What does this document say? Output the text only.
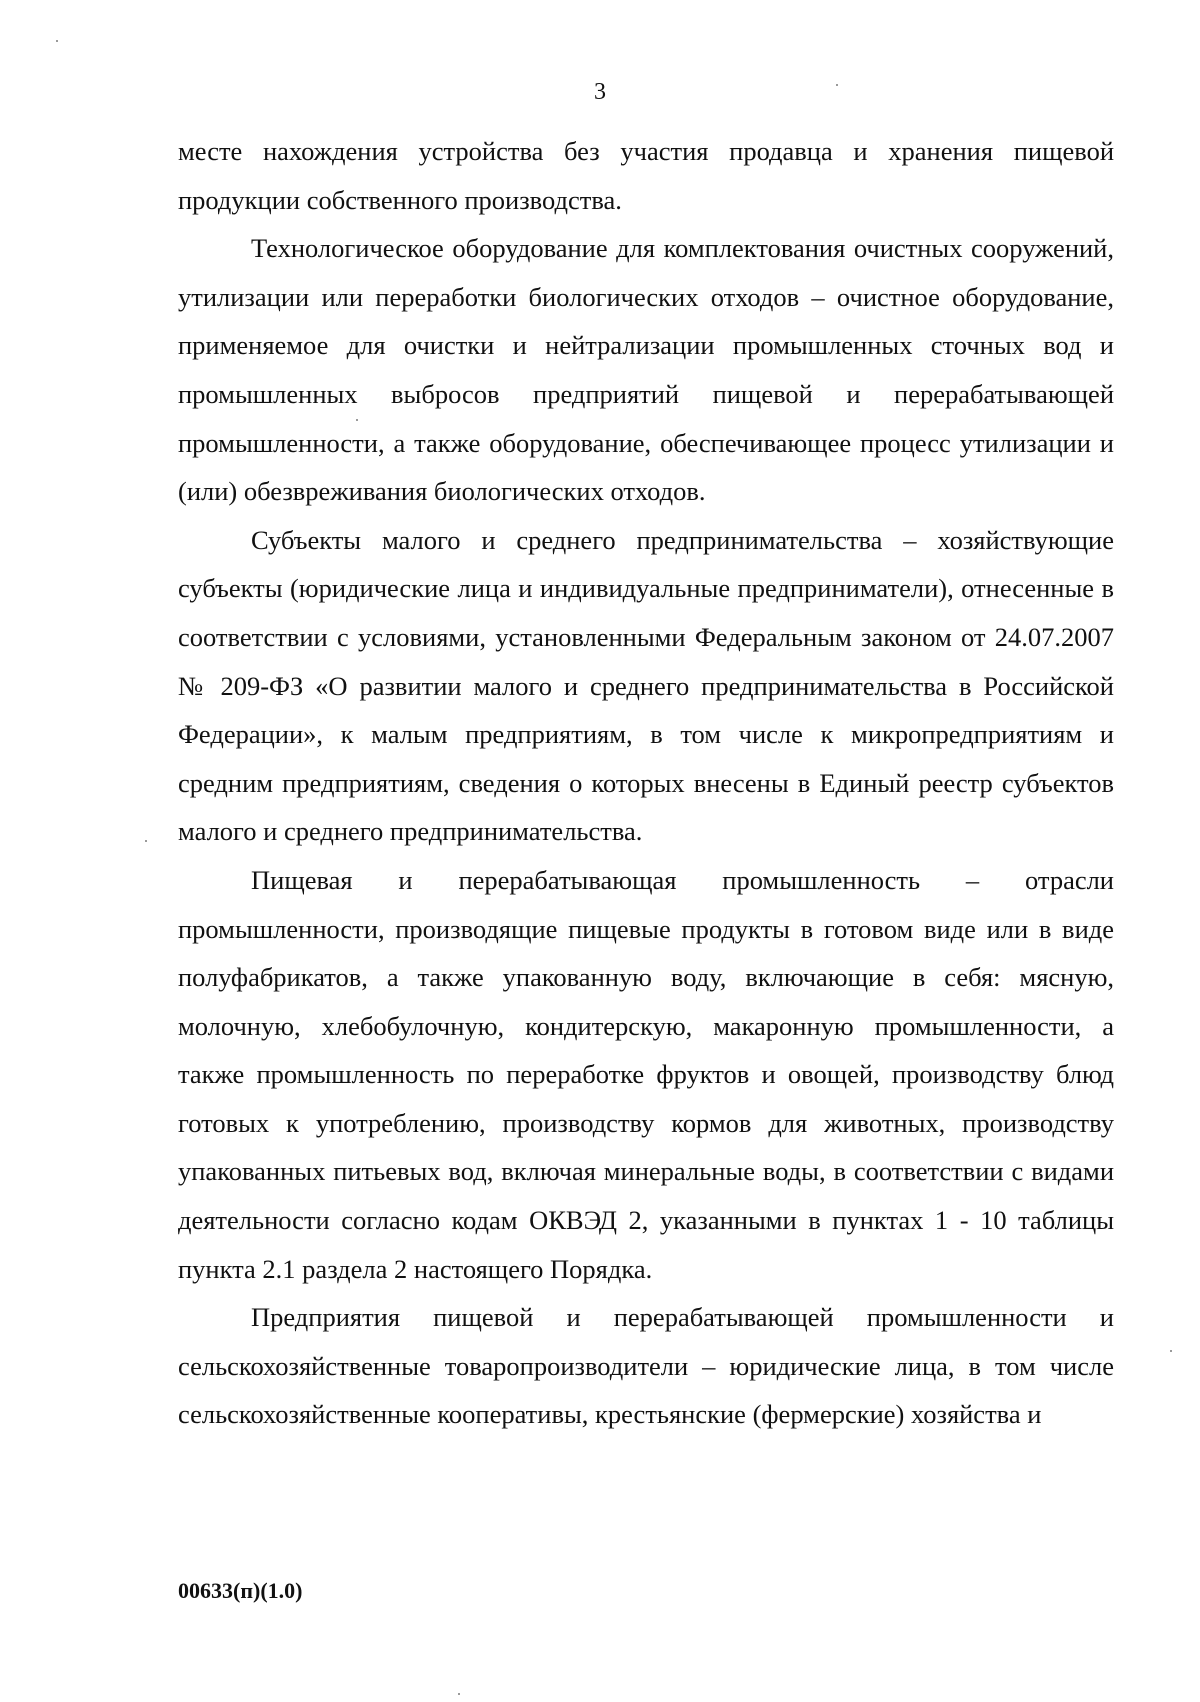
3

месте нахождения устройства без участия продавца и хранения пищевой продукции собственного производства.

Технологическое оборудование для комплектования очистных сооружений, утилизации или переработки биологических отходов – очистное оборудование, применяемое для очистки и нейтрализации промышленных сточных вод и промышленных выбросов предприятий пищевой и перерабатывающей промышленности, а также оборудование, обеспечивающее процесс утилизации и (или) обезвреживания биологических отходов.

Субъекты малого и среднего предпринимательства – хозяйствующие субъекты (юридические лица и индивидуальные предприниматели), отнесенные в соответствии с условиями, установленными Федеральным законом от 24.07.2007 № 209-ФЗ «О развитии малого и среднего предпринимательства в Российской Федерации», к малым предприятиям, в том числе к микропредприятиям и средним предприятиям, сведения о которых внесены в Единый реестр субъектов малого и среднего предпринимательства.

Пищевая и перерабатывающая промышленность – отрасли промышленности, производящие пищевые продукты в готовом виде или в виде полуфабрикатов, а также упакованную воду, включающие в себя: мясную, молочную, хлебобулочную, кондитерскую, макаронную промышленности, а также промышленность по переработке фруктов и овощей, производству блюд готовых к употреблению, производству кормов для животных, производству упакованных питьевых вод, включая минеральные воды, в соответствии с видами деятельности согласно кодам ОКВЭД 2, указанными в пунктах 1 - 10 таблицы пункта 2.1 раздела 2 настоящего Порядка.

Предприятия пищевой и перерабатывающей промышленности и сельскохозяйственные товаропроизводители – юридические лица, в том числе сельскохозяйственные кооперативы, крестьянские (фермерские) хозяйства и

00633(п)(1.0)
